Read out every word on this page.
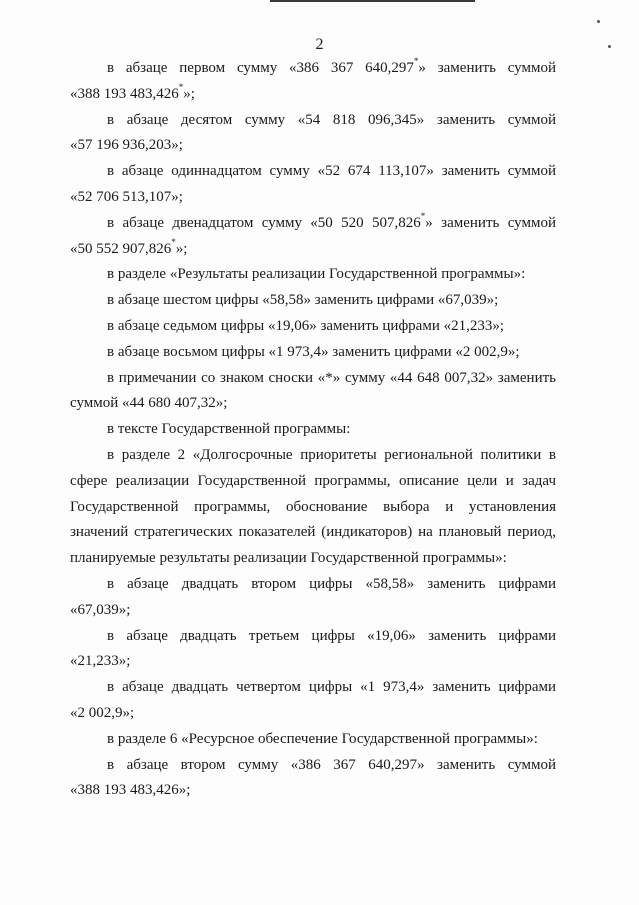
2
в абзаце первом сумму «386 367 640,297*» заменить суммой
«388 193 483,426*»;
в абзаце десятом сумму «54 818 096,345» заменить суммой
«57 196 936,203»;
в абзаце одиннадцатом сумму «52 674 113,107» заменить суммой
«52 706 513,107»;
в абзаце двенадцатом сумму «50 520 507,826*» заменить суммой
«50 552 907,826*»;
в разделе «Результаты реализации Государственной программы»:
в абзаце шестом цифры «58,58» заменить цифрами «67,039»;
в абзаце седьмом цифры «19,06» заменить цифрами «21,233»;
в абзаце восьмом цифры «1 973,4» заменить цифрами «2 002,9»;
в примечании со знаком сноски «*» сумму «44 648 007,32» заменить
суммой «44 680 407,32»;
в тексте Государственной программы:
в разделе 2 «Долгосрочные приоритеты региональной политики в
сфере реализации Государственной программы, описание цели и задач
Государственной программы, обоснование выбора и установления
значений стратегических показателей (индикаторов) на плановый период,
планируемые результаты реализации Государственной программы»:
в абзаце двадцать втором цифры «58,58» заменить цифрами
«67,039»;
в абзаце двадцать третьем цифры «19,06» заменить цифрами
«21,233»;
в абзаце двадцать четвертом цифры «1 973,4» заменить цифрами
«2 002,9»;
в разделе 6 «Ресурсное обеспечение Государственной программы»:
в абзаце втором сумму «386 367 640,297» заменить суммой
«388 193 483,426»;
